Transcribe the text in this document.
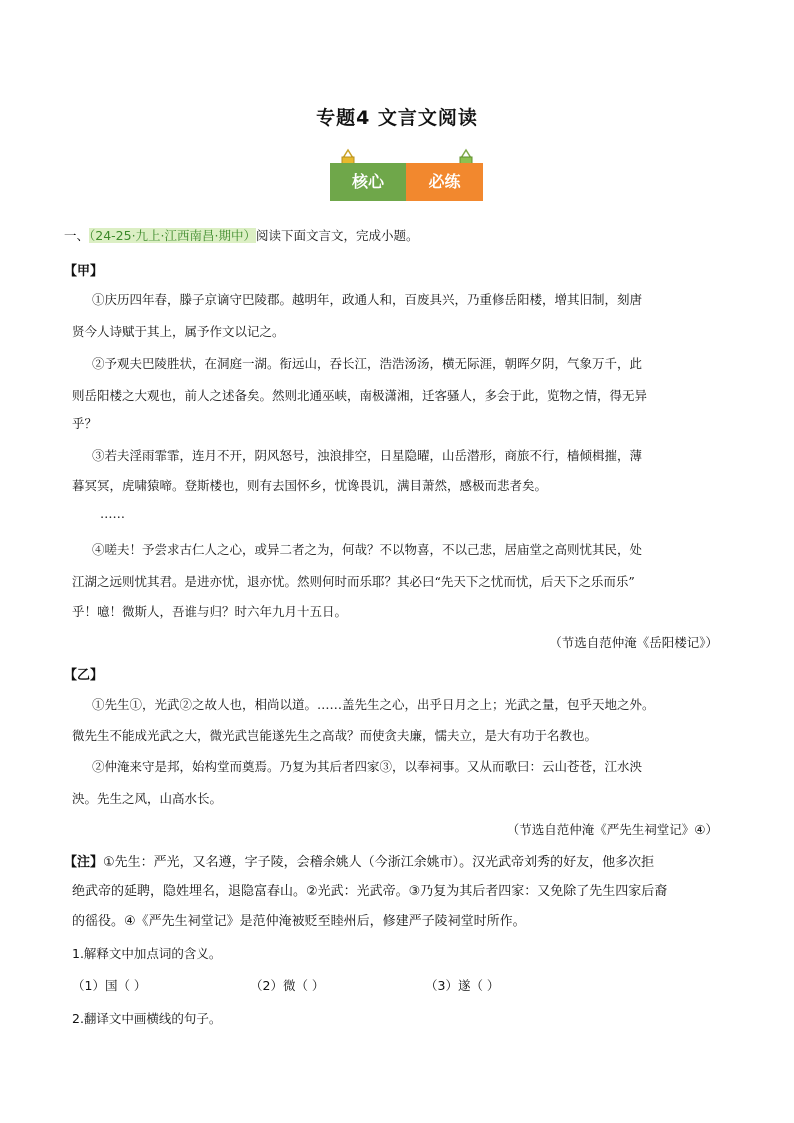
专题4 文言文阅读
核心	必练
一、（24-25·九上·江西南昌·期中）阅读下面文言文，完成小题。
【甲】
①庆历四年春，滕子京谪守巴陵郡。越明年，政通人和，百废具兴，乃重修岳阳楼，增其旧制，刻唐
贤今人诗赋于其上，属予作文以记之。
②予观夫巴陵胜状，在洞庭一湖。衔远山，吞长江，浩浩汤汤，横无际涯，朝晖夕阴，气象万千，此
则岳阳楼之大观也，前人之述备矣。然则北通巫峡，南极潇湘，迁客骚人，多会于此，览物之情，得无异
乎？
③若夫淫雨霏霏，连月不开，阴风怒号，浊浪排空，日星隐曜，山岳潜形，商旅不行，樯倾楫摧，薄
暮冥冥，虎啸猿啼。登斯楼也，则有去国怀乡，忧谗畏讥，满目萧然，感极而悲者矣。
……
④嗟夫！予尝求古仁人之心，或异二者之为，何哉？不以物喜，不以己悲，居庙堂之高则忧其民，处
江湖之远则忧其君。是进亦忧，退亦忧。然则何时而乐耶？其必曰“先天下之忧而忧，后天下之乐而乐”
乎！噫！微斯人，吾谁与归？时六年九月十五日。
（节选自范仲淹《岳阳楼记》）
【乙】
①先生①，光武②之故人也，相尚以道。……盖先生之心，出乎日月之上；光武之量，包乎天地之外。
微先生不能成光武之大，微光武岂能遂先生之高哉？而使贪夫廉，懦夫立，是大有功于名教也。
②仲淹来守是邦，始构堂而奠焉。乃复为其后者四家③，以奉祠事。又从而歌曰：云山苍苍，江水泱
泱。先生之风，山高水长。
（节选自范仲淹《严先生祠堂记》④）
【注】①先生：严光，又名遵，字子陵，会稽余姚人（今浙江余姚市）。汉光武帝刘秀的好友，他多次拒
绝武帝的延聘，隐姓埋名，退隐富春山。②光武：光武帝。③乃复为其后者四家：又免除了先生四家后裔
的徭役。④《严先生祠堂记》是范仲淹被贬至睦州后，修建严子陵祠堂时所作。
1.解释文中加点词的含义。
（1）国（ ）	（2）微（ ）	（3）遂（ ）
2.翻译文中画横线的句子。
